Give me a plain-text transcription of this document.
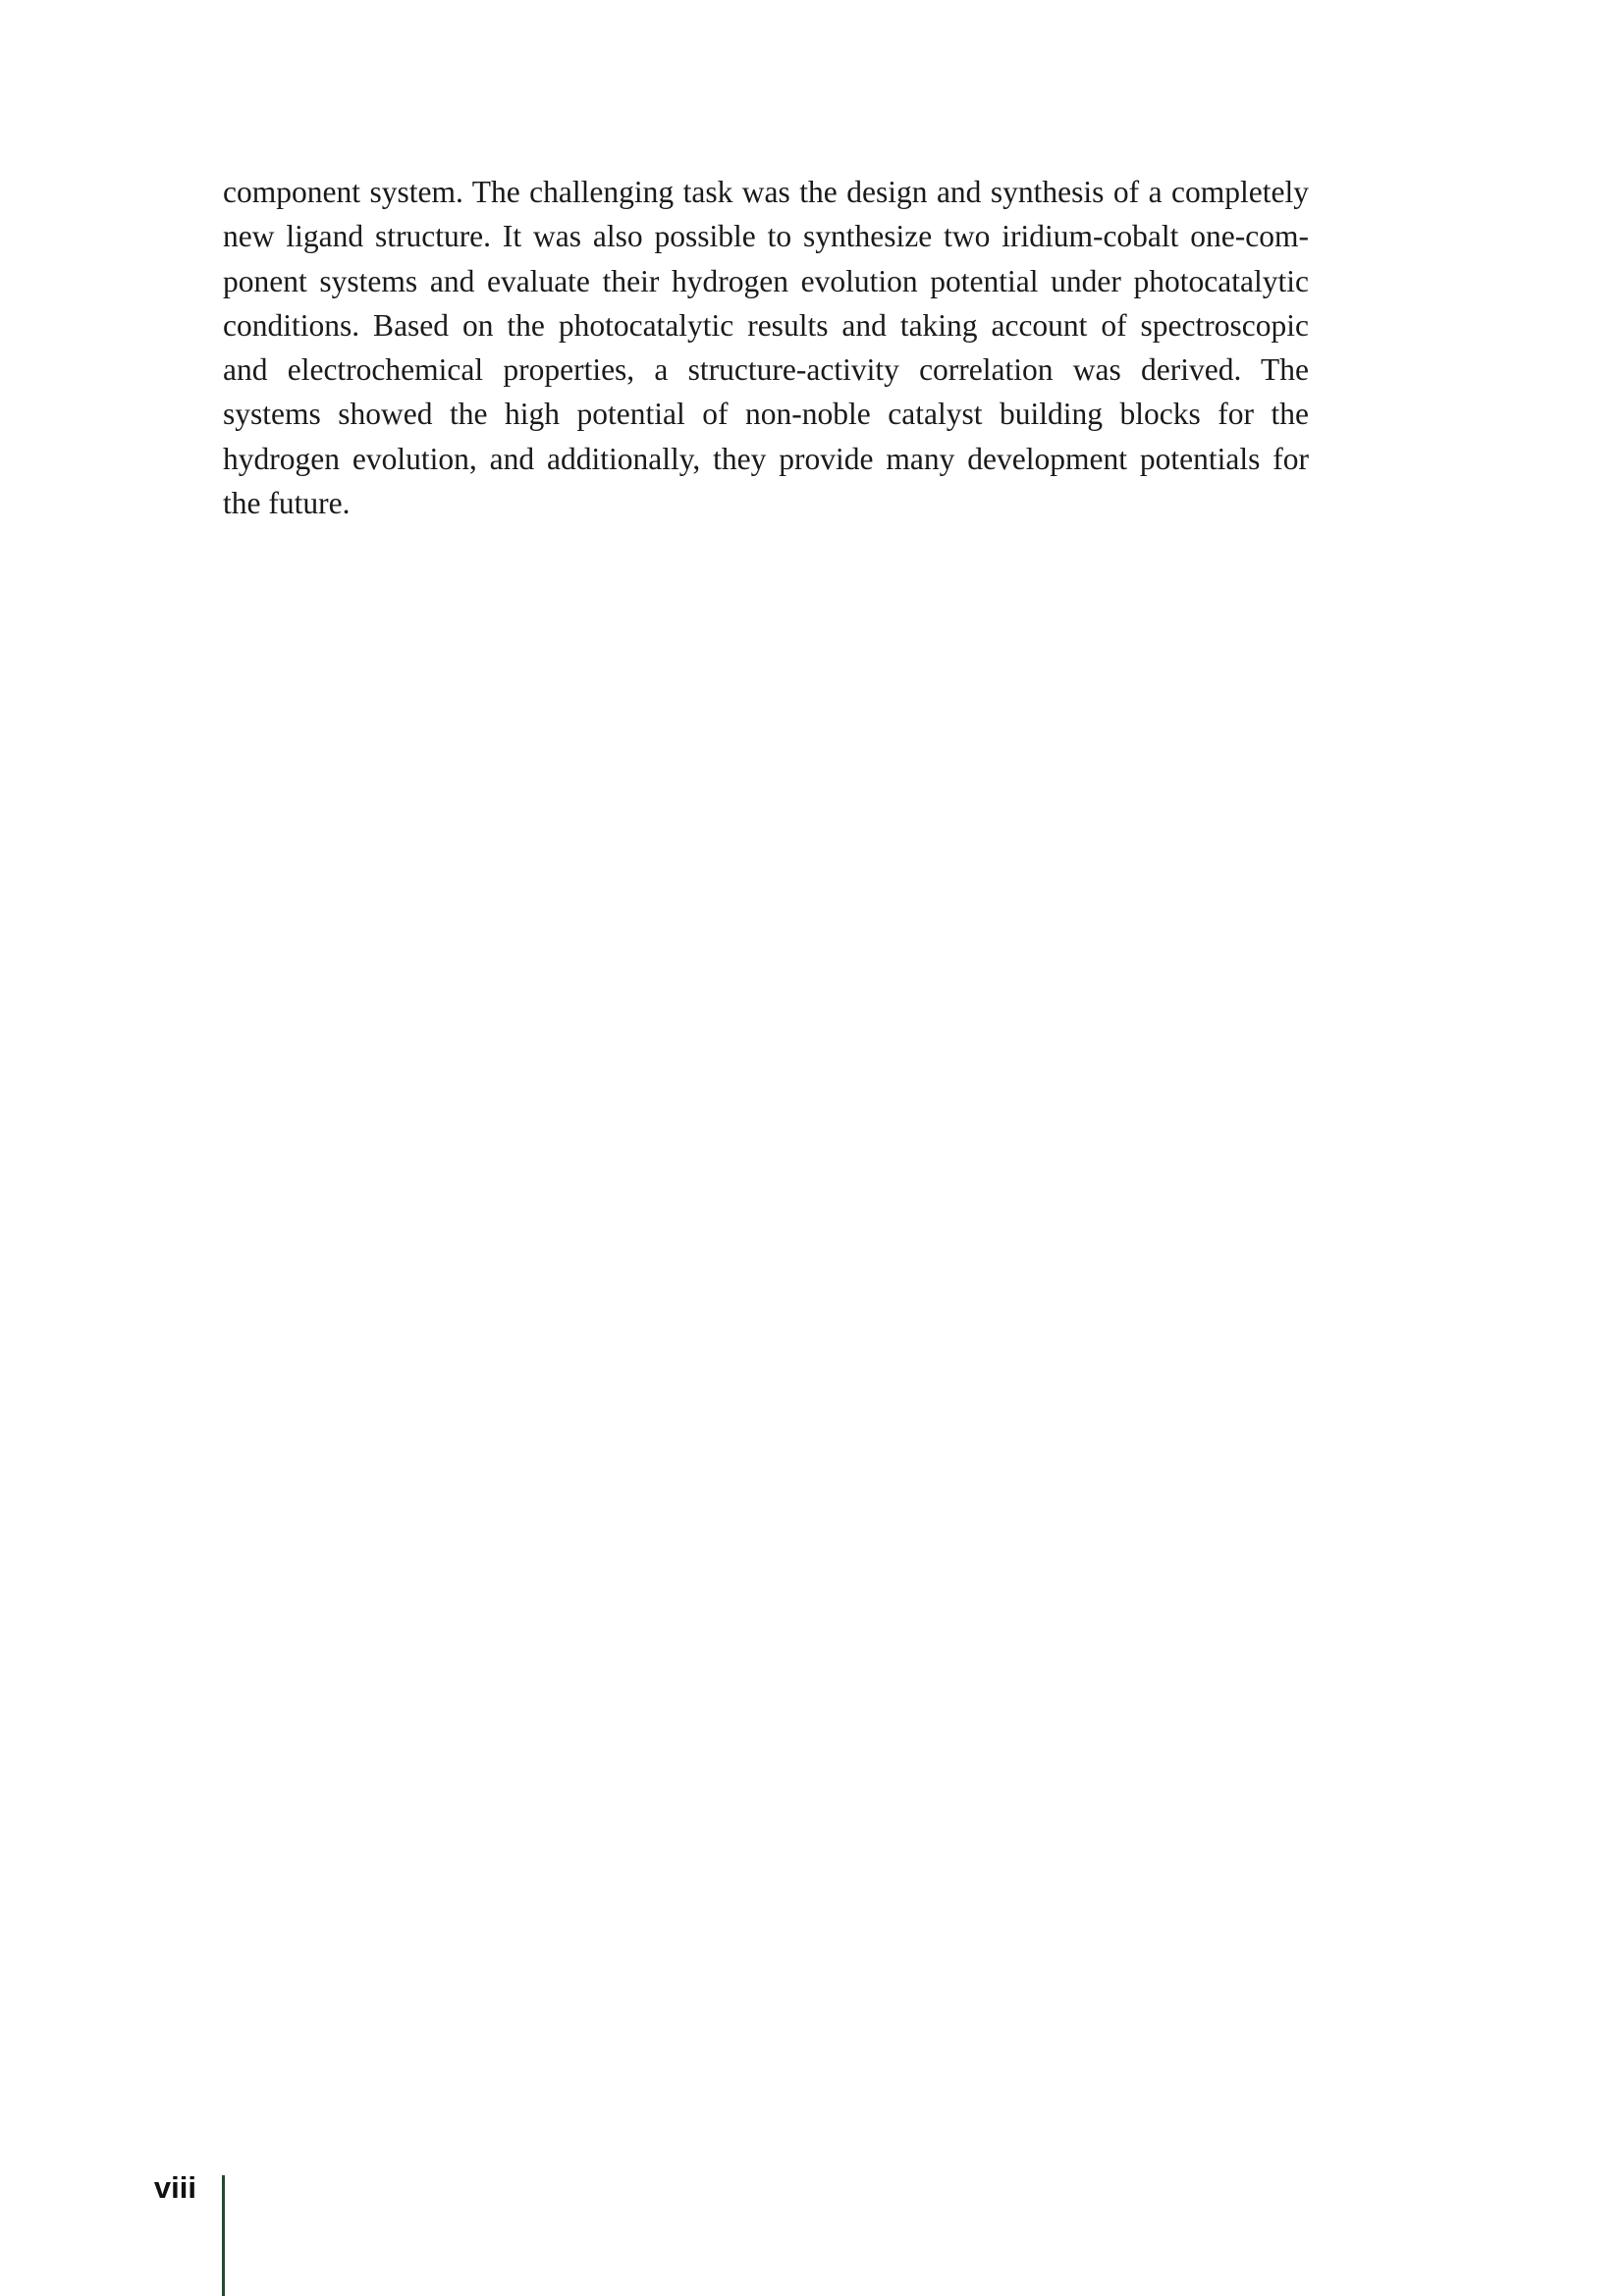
component system. The challenging task was the design and synthesis of a completely
new ligand structure. It was also possible to synthesize two iridium-cobalt one-com-
ponent systems and evaluate their hydrogen evolution potential under photocatalytic
conditions. Based on the photocatalytic results and taking account of spectroscopic
and electrochemical properties, a structure-activity correlation was derived. The
systems showed the high potential of non-noble catalyst building blocks for the
hydrogen evolution, and additionally, they provide many development potentials for
the future.

viii
